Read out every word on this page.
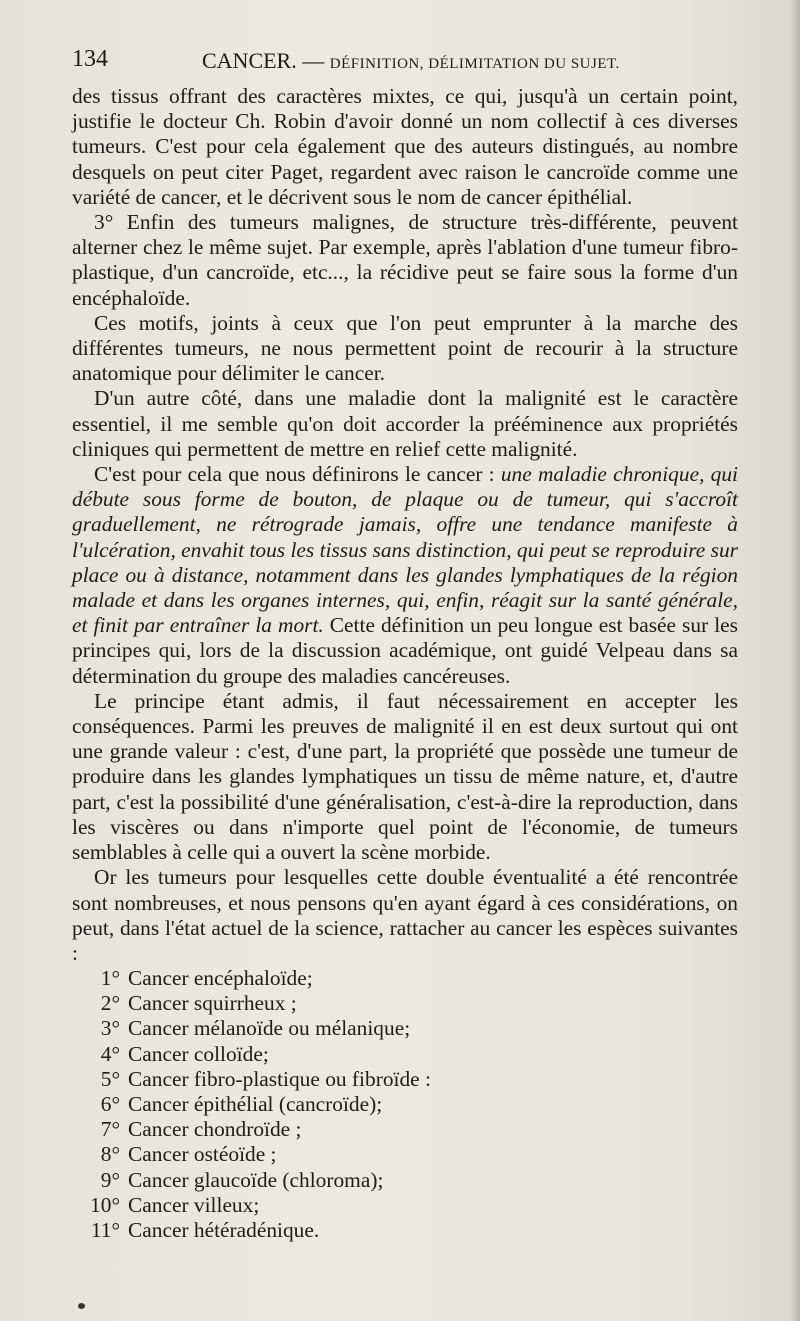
134	CANCER. — DÉFINITION, DÉLIMITATION DU SUJET.

des tissus offrant des caractères mixtes, ce qui, jusqu'à un certain point, justifie le docteur Ch. Robin d'avoir donné un nom collectif à ces diverses tumeurs. C'est pour cela également que des auteurs distingués, au nombre desquels on peut citer Paget, regardent avec raison le cancroïde comme une variété de cancer, et le décrivent sous le nom de cancer épithélial.

3° Enfin des tumeurs malignes, de structure très-différente, peuvent alterner chez le même sujet. Par exemple, après l'ablation d'une tumeur fibro-plastique, d'un cancroïde, etc..., la récidive peut se faire sous la forme d'un encéphaloïde.

Ces motifs, joints à ceux que l'on peut emprunter à la marche des différentes tumeurs, ne nous permettent point de recourir à la structure anatomique pour délimiter le cancer.

D'un autre côté, dans une maladie dont la malignité est le caractère essentiel, il me semble qu'on doit accorder la prééminence aux propriétés cliniques qui permettent de mettre en relief cette malignité.

C'est pour cela que nous définirons le cancer : une maladie chronique, qui débute sous forme de bouton, de plaque ou de tumeur, qui s'accroît graduellement, ne rétrograde jamais, offre une tendance manifeste à l'ulcération, envahit tous les tissus sans distinction, qui peut se reproduire sur place ou à distance, notamment dans les glandes lymphatiques de la région malade et dans les organes internes, qui, enfin, réagit sur la santé générale, et finit par entraîner la mort. Cette définition un peu longue est basée sur les principes qui, lors de la discussion académique, ont guidé Velpeau dans sa détermination du groupe des maladies cancéreuses.

Le principe étant admis, il faut nécessairement en accepter les conséquences. Parmi les preuves de malignité il en est deux surtout qui ont une grande valeur : c'est, d'une part, la propriété que possède une tumeur de produire dans les glandes lymphatiques un tissu de même nature, et, d'autre part, c'est la possibilité d'une généralisation, c'est-à-dire la reproduction, dans les viscères ou dans n'importe quel point de l'économie, de tumeurs semblables à celle qui a ouvert la scène morbide.

Or les tumeurs pour lesquelles cette double éventualité a été rencontrée sont nombreuses, et nous pensons qu'en ayant égard à ces considérations, on peut, dans l'état actuel de la science, rattacher au cancer les espèces suivantes :

1° Cancer encéphaloïde;
2° Cancer squirrheux ;
3° Cancer mélanoïde ou mélanique;
4° Cancer colloïde;
5° Cancer fibro-plastique ou fibroïde :
6° Cancer épithélial (cancroïde);
7° Cancer chondroïde ;
8° Cancer ostéoïde ;
9° Cancer glaucoïde (chloroma);
10° Cancer villeux;
11° Cancer hétéradénique.
